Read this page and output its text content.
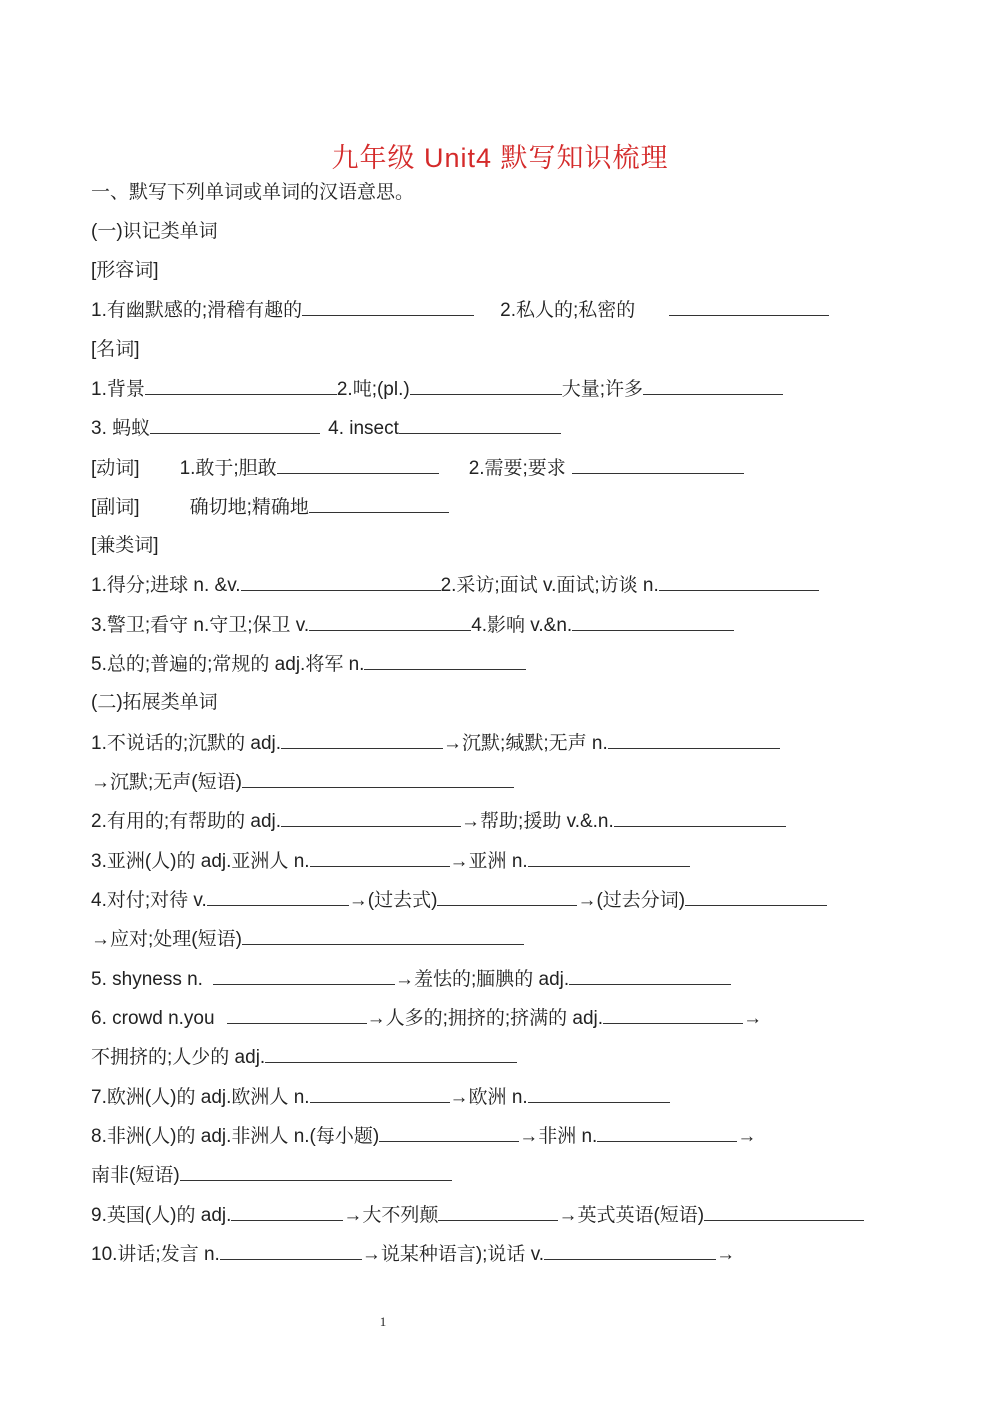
九年级 Unit4 默写知识梳理
一、默写下列单词或单词的汉语意思。
(一)识记类单词
[形容词]
1.有幽默感的;滑稽有趣的	2.私人的;私密的
[名词]
1.背景	2.吨;(pl.)	大量;许多
3. 蚂蚁	4. insect
[动词] 1.敢于;胆敢	2.需要;要求
[副词]	确切地;精确地
[兼类词]
1.得分;进球 n. &v.	2.采访;面试 v.面试;访谈 n.
3.警卫;看守 n.守卫;保卫 v.	4.影响 v.&n.
5.总的;普遍的;常规的 adj.将军 n.
(二)拓展类单词
1.不说话的;沉默的 adj.	→沉默;缄默;无声 n.
→沉默;无声(短语)
2.有用的;有帮助的 adj.	→帮助;援助 v.&.n.
3.亚洲(人)的 adj.亚洲人 n.	→亚洲 n.
4.对付;对待 v.	→(过去式)	→(过去分词)
→应对;处理(短语)
5. shyness n.	→羞怯的;腼腆的 adj.
6. crowd n.you	→人多的;拥挤的;挤满的 adj.	→
不拥挤的;人少的 adj.
7.欧洲(人)的 adj.欧洲人 n.	→欧洲 n.
8.非洲(人)的 adj.非洲人 n.(每小题)	→非洲 n.	→
南非(短语)
9.英国(人)的 adj.	→大不列颠	→英式英语(短语)
10.讲话;发言 n.	→说某种语言);说话 v.	→
1
